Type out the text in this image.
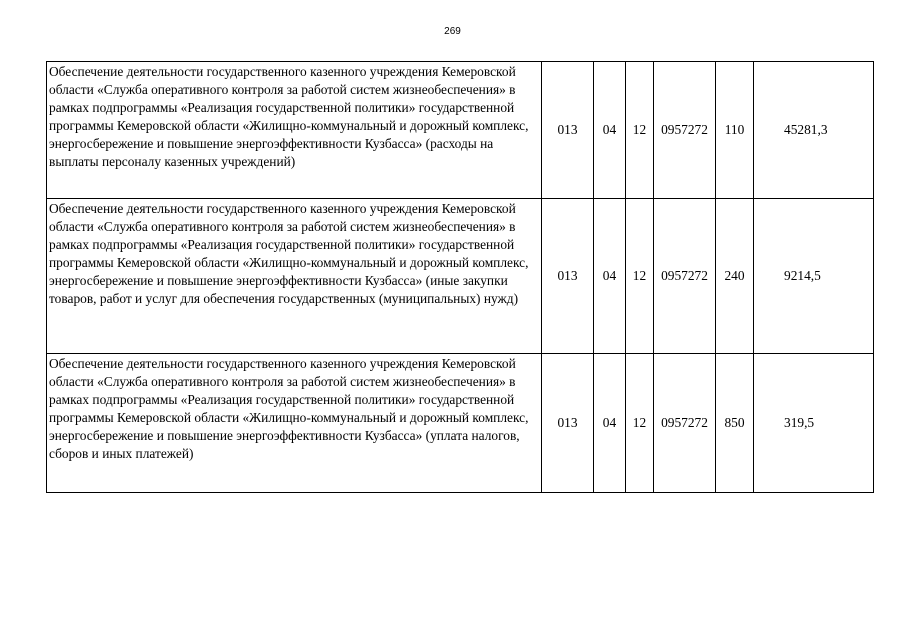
269
Обеспечение деятельности государственного казенного учреждения Кемеровской области «Служба оперативного контроля за работой систем жизнеобеспечения» в рамках подпрограммы «Реализация государственной политики» государственной программы Кемеровской области «Жилищно-коммунальный и дорожный комплекс, энергосбережение и повышение энергоэффективности Кузбасса» (расходы на выплаты персоналу казенных учреждений)	013	04	12	0957272	110	45281,3
Обеспечение деятельности государственного казенного учреждения Кемеровской области «Служба оперативного контроля за работой систем жизнеобеспечения» в рамках подпрограммы «Реализация государственной политики» государственной программы Кемеровской области «Жилищно-коммунальный и дорожный комплекс, энергосбережение и повышение энергоэффективности Кузбасса» (иные закупки товаров, работ и услуг для обеспечения государственных (муниципальных) нужд)	013	04	12	0957272	240	9214,5
Обеспечение деятельности государственного казенного учреждения Кемеровской области «Служба оперативного контроля за работой систем жизнеобеспечения» в рамках подпрограммы «Реализация государственной политики» государственной программы Кемеровской области «Жилищно-коммунальный и дорожный комплекс, энергосбережение и повышение энергоэффективности Кузбасса» (уплата налогов, сборов и иных платежей)	013	04	12	0957272	850	319,5
